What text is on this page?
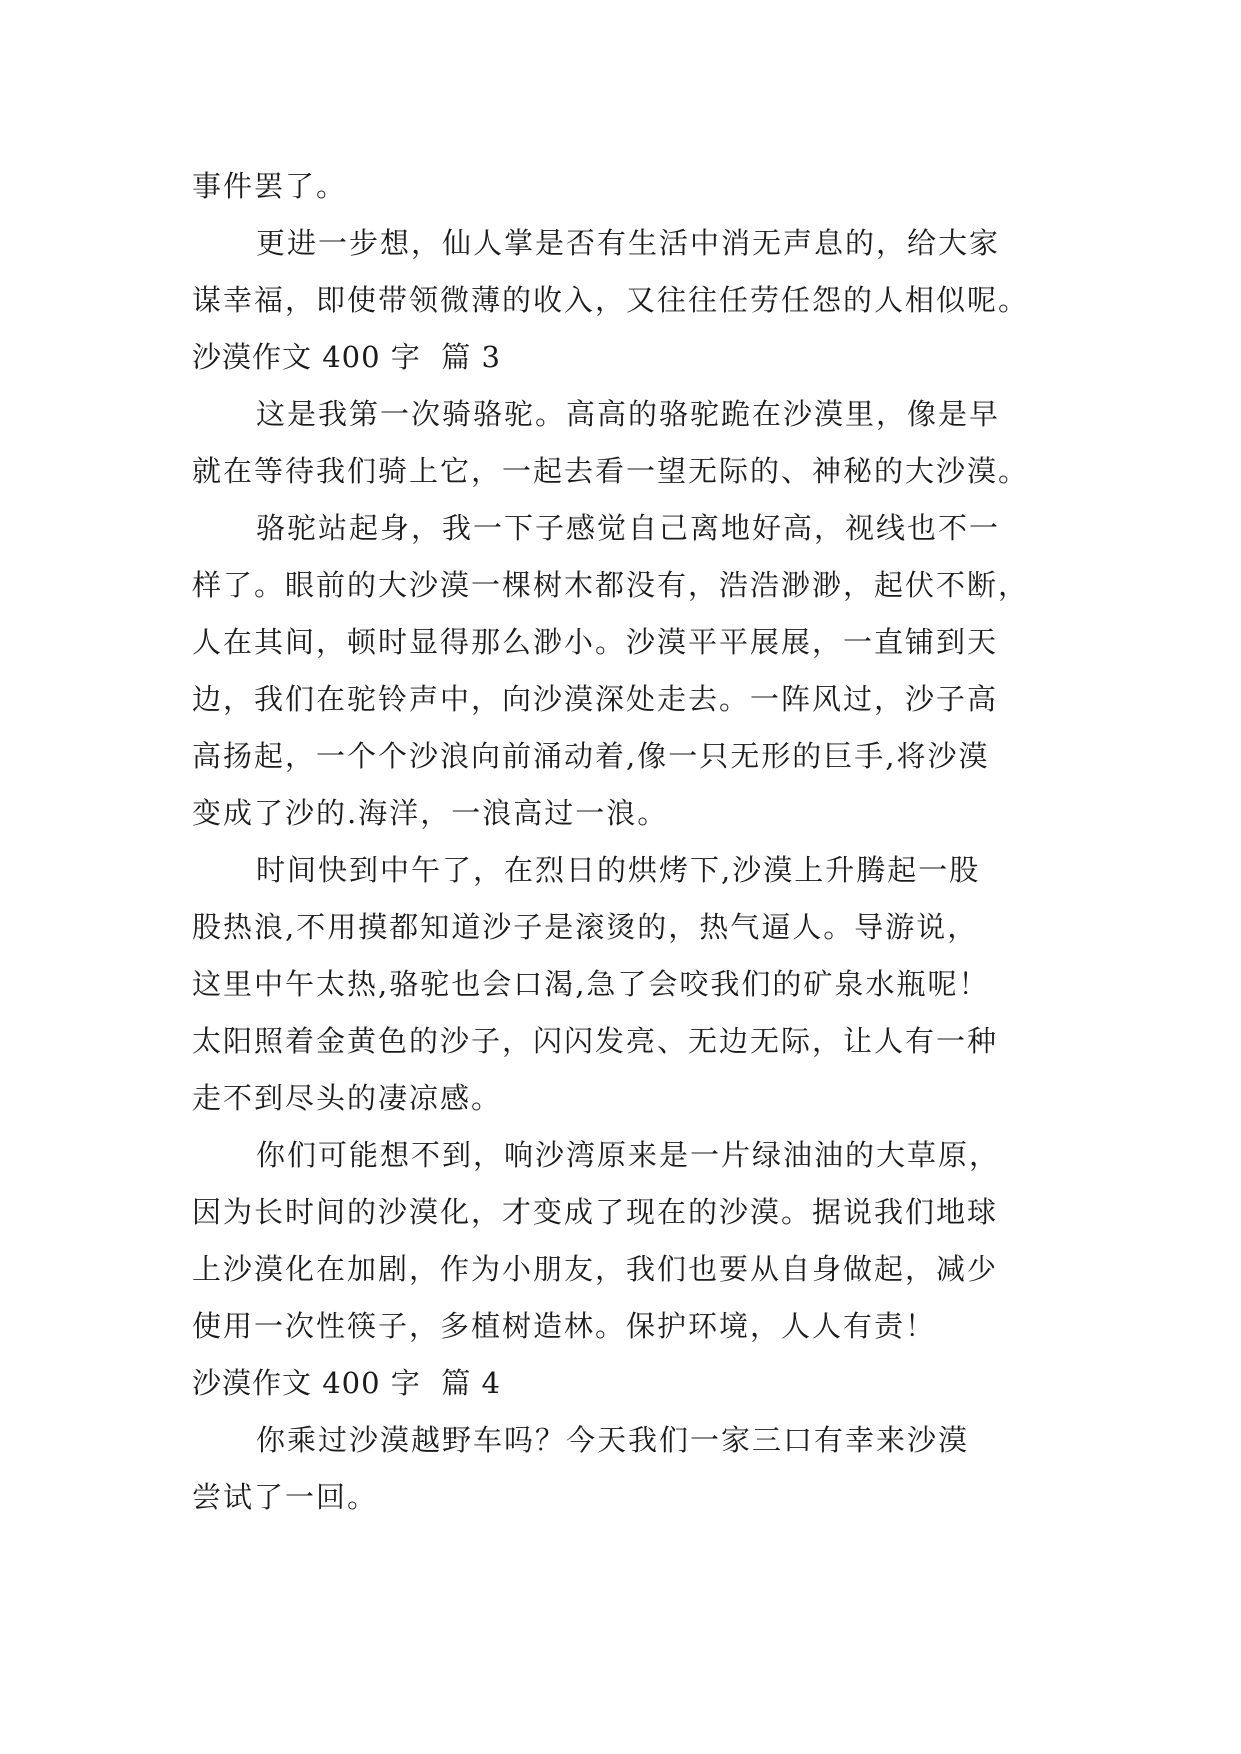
事件罢了。
更进一步想，仙人掌是否有生活中消无声息的，给大家
谋幸福，即使带领微薄的收入，又往往任劳任怨的人相似呢。
沙漠作文 400 字  篇 3
这是我第一次骑骆驼。高高的骆驼跪在沙漠里，像是早
就在等待我们骑上它，一起去看一望无际的、神秘的大沙漠。
骆驼站起身，我一下子感觉自己离地好高，视线也不一
样了。眼前的大沙漠一棵树木都没有，浩浩渺渺，起伏不断，
人在其间，顿时显得那么渺小。沙漠平平展展，一直铺到天
边，我们在驼铃声中，向沙漠深处走去。一阵风过，沙子高
高扬起，一个个沙浪向前涌动着,像一只无形的巨手,将沙漠
变成了沙的.海洋，一浪高过一浪。
时间快到中午了，在烈日的烘烤下,沙漠上升腾起一股
股热浪,不用摸都知道沙子是滚烫的，热气逼人。导游说，
这里中午太热,骆驼也会口渴,急了会咬我们的矿泉水瓶呢！
太阳照着金黄色的沙子，闪闪发亮、无边无际，让人有一种
走不到尽头的凄凉感。
你们可能想不到，响沙湾原来是一片绿油油的大草原，
因为长时间的沙漠化，才变成了现在的沙漠。据说我们地球
上沙漠化在加剧，作为小朋友，我们也要从自身做起，减少
使用一次性筷子，多植树造林。保护环境，人人有责！
沙漠作文 400 字  篇 4
你乘过沙漠越野车吗？今天我们一家三口有幸来沙漠
尝试了一回。
